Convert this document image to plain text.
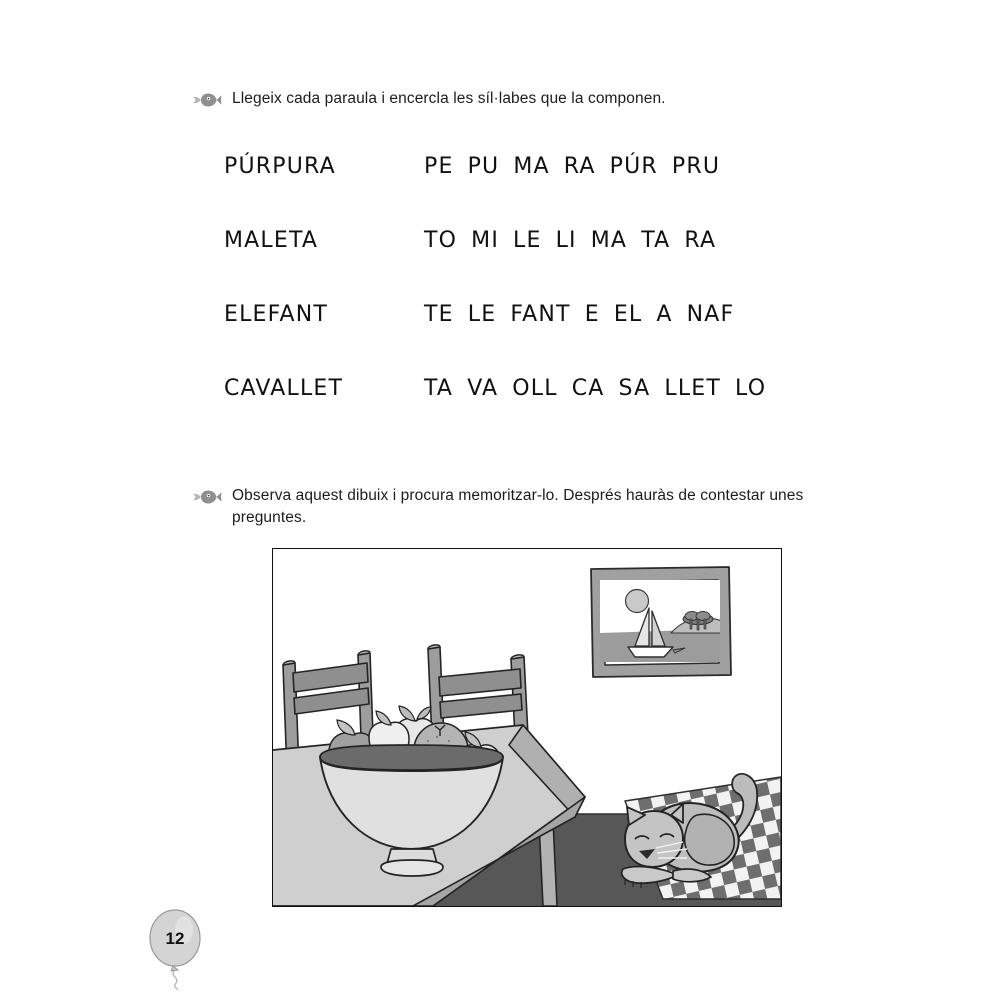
Llegeix cada paraula i encercla les síl·labes que la componen.
PÚRPURA	PE PU MA RA PÚR PRU
MALETA	TO MI LE LI MA TA RA
ELEFANT	TE LE FANT E EL A NAF
CAVALLET	TA VA OLL CA SA LLET LO
Observa aquest dibuix i procura memoritzar-lo. Després hauràs de contestar unes preguntes.
12
